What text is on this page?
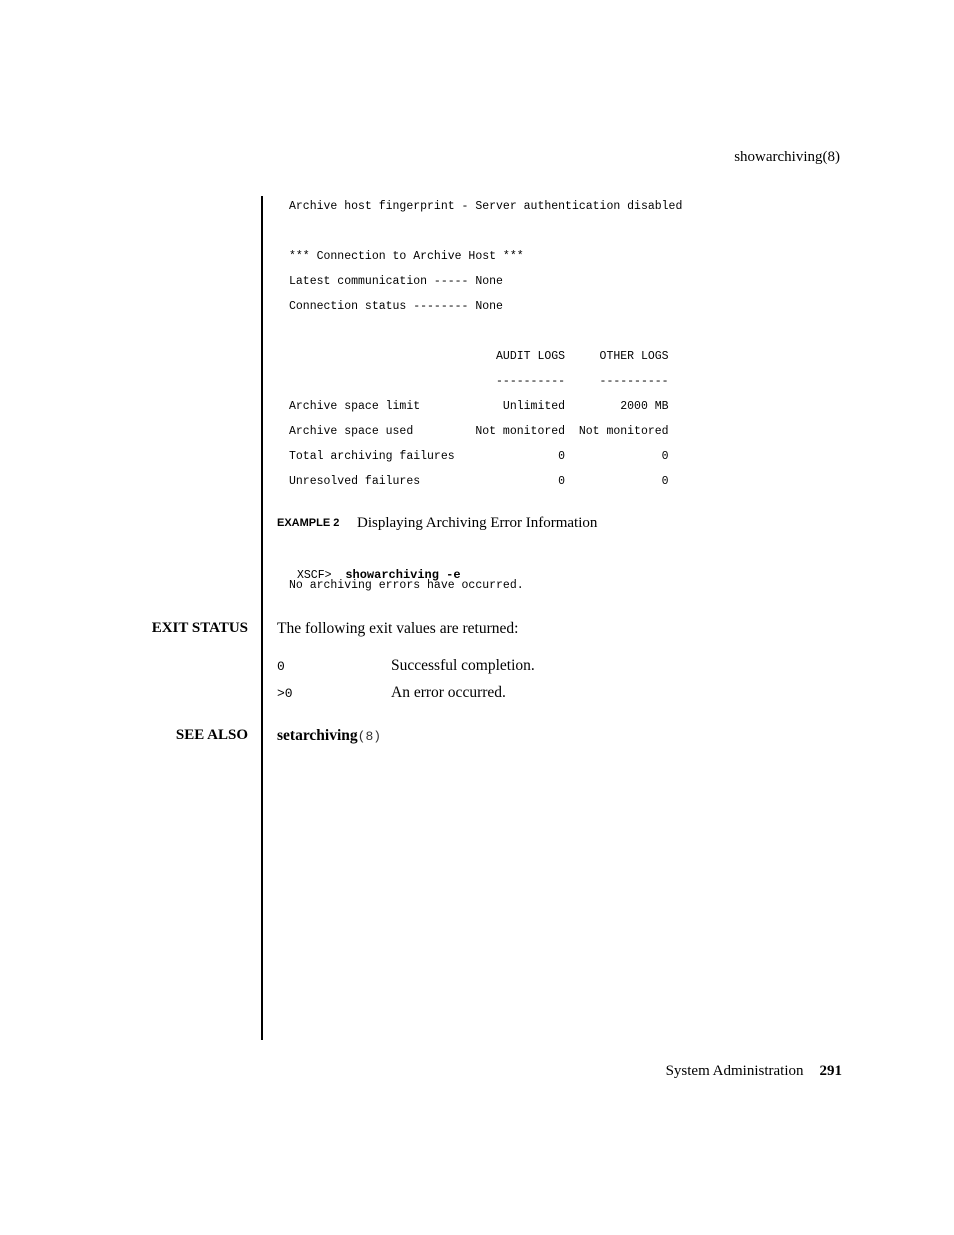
showarchiving(8)
Archive host fingerprint - Server authentication disabled
*** Connection to Archive Host ***
Latest communication ----- None
Connection status -------- None
AUDIT LOGS     OTHER LOGS
----------     ----------
Archive space limit            Unlimited        2000 MB
Archive space used         Not monitored  Not monitored
Total archiving failures               0              0
Unresolved failures                    0              0
EXAMPLE 2 Displaying Archiving Error Information

XSCF> showarchiving -e

No archiving errors have occurred.
EXIT STATUS The following exit values are returned:
0	Successful completion.
>0	An error occurred.
SEE ALSO setarchiving(8)
System Administration 291
